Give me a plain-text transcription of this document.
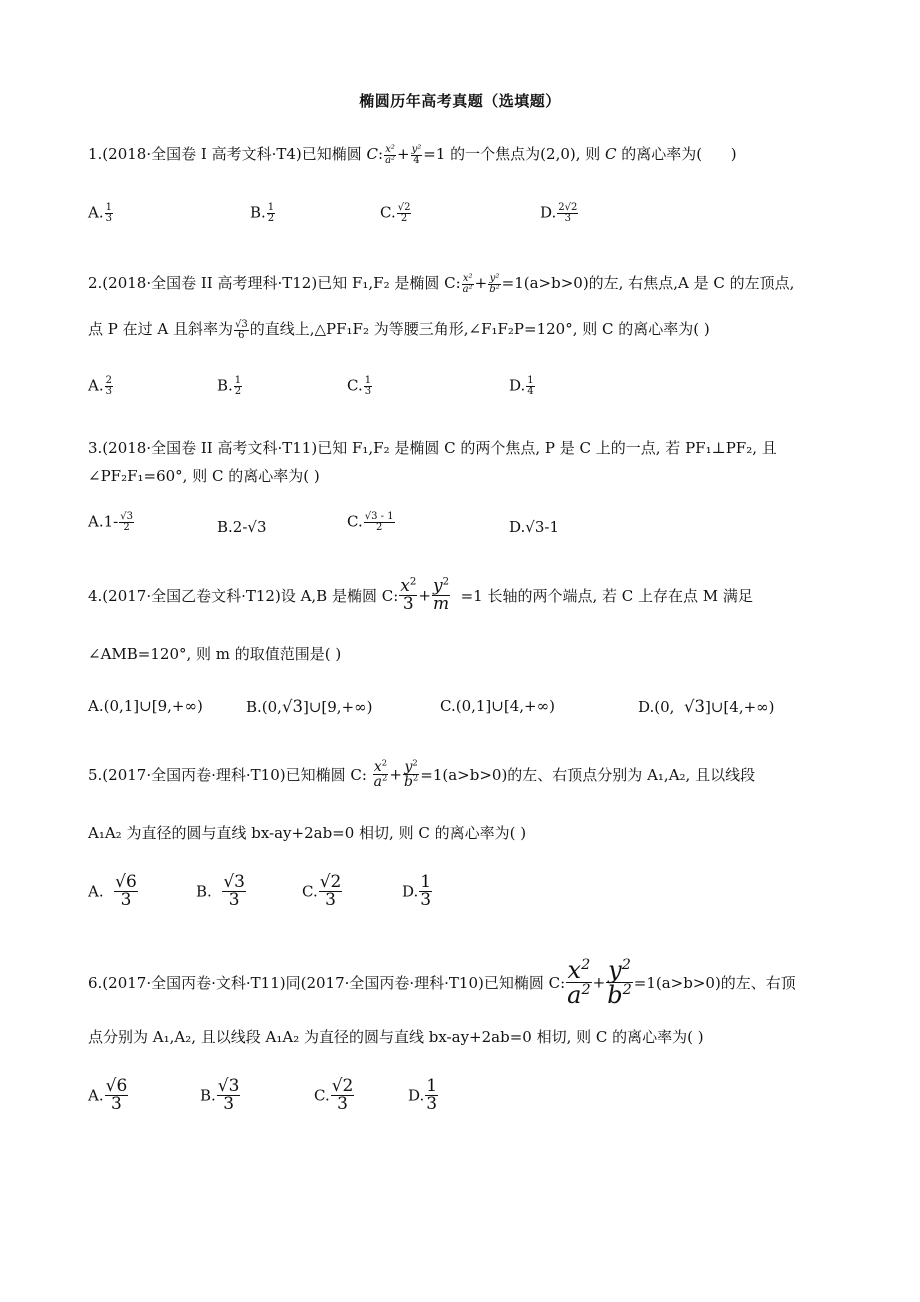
椭圆历年高考真题（选填题）
1.(2018·全国卷 I 高考文科·T4)已知椭圆 C: $\frac{\text{x²}}{\text{a²}} + \frac{\text{y²}}{4} =1$ 的一个焦点为(2,0), 则 C 的离心率为(      )
A. $\frac{1}{3}$	B. $\frac{1}{2}$	C. $\frac{√2}{2}$	D. $\frac{2√2}{3}$
2.(2018·全国卷 II 高考理科·T12)已知 F₁,F₂ 是椭圆 C: $\frac{\text{x²}}{\text{a²}} + \frac{\text{y²}}{\text{b²}} =1(a>b>0)$的左, 右焦点,A 是 C 的左顶点,
点 P 在过 A 且斜率为 $\frac{√3}{6}$ 的直线上,△PF₁F₂ 为等腰三角形,∠F₁F₂P=120°, 则 C 的离心率为( )
A. $\frac{2}{3}$	B. $\frac{1}{2}$	C. $\frac{1}{3}$	D. $\frac{1}{4}$
3.(2018·全国卷 II 高考文科·T11)已知 F₁,F₂ 是椭圆 C 的两个焦点, P 是 C 上的一点, 若 PF₁⊥PF₂, 且
∠PF₂F₁=60°, 则 C 的离心率为( )
$A.1- \frac{√3}{2}$	B.2-√3	C. $\frac{√3 - 1}{2}$	D.√3-1
4.(2017·全国乙卷文科·T12)设 A,B 是椭圆 C: $\frac{x^2}{3} + \frac{y^2}{m} =1$ 长轴的两个端点, 若 C 上存在点 M 满足
∠AMB=120°, 则 m 的取值范围是( )
A.(0,1]∪[9,+∞)	B.(0,√3]∪[9,+∞)	C.(0,1]∪[4,+∞)	D.(0, √3]∪[4,+∞)
5.(2017·全国丙卷·理科·T10)已知椭圆 C: $\frac{x^2}{a^2} + \frac{y^2}{b^2} =1(a>b>0)$的左、右顶点分别为 A₁,A₂, 且以线段
A₁A₂ 为直径的圆与直线 bx-ay+2ab=0 相切, 则 C 的离心率为( )
A. $\frac{√6}{3}$	B. $\frac{√3}{3}$	C. $\frac{√2}{3}$	D. $\frac{1}{3}$
6.(2017·全国丙卷·文科·T11)同(2017·全国丙卷·理科·T10)已知椭圆 C: $\frac{x^2}{a^2} + \frac{y^2}{b^2} =1(a>b>0)$的左、右顶
点分别为 A₁,A₂, 且以线段 A₁A₂ 为直径的圆与直线 bx-ay+2ab=0 相切, 则 C 的离心率为( )
A. $\frac{√6}{3}$	B. $\frac{√3}{3}$	C. $\frac{√2}{3}$	D. $\frac{1}{3}$
